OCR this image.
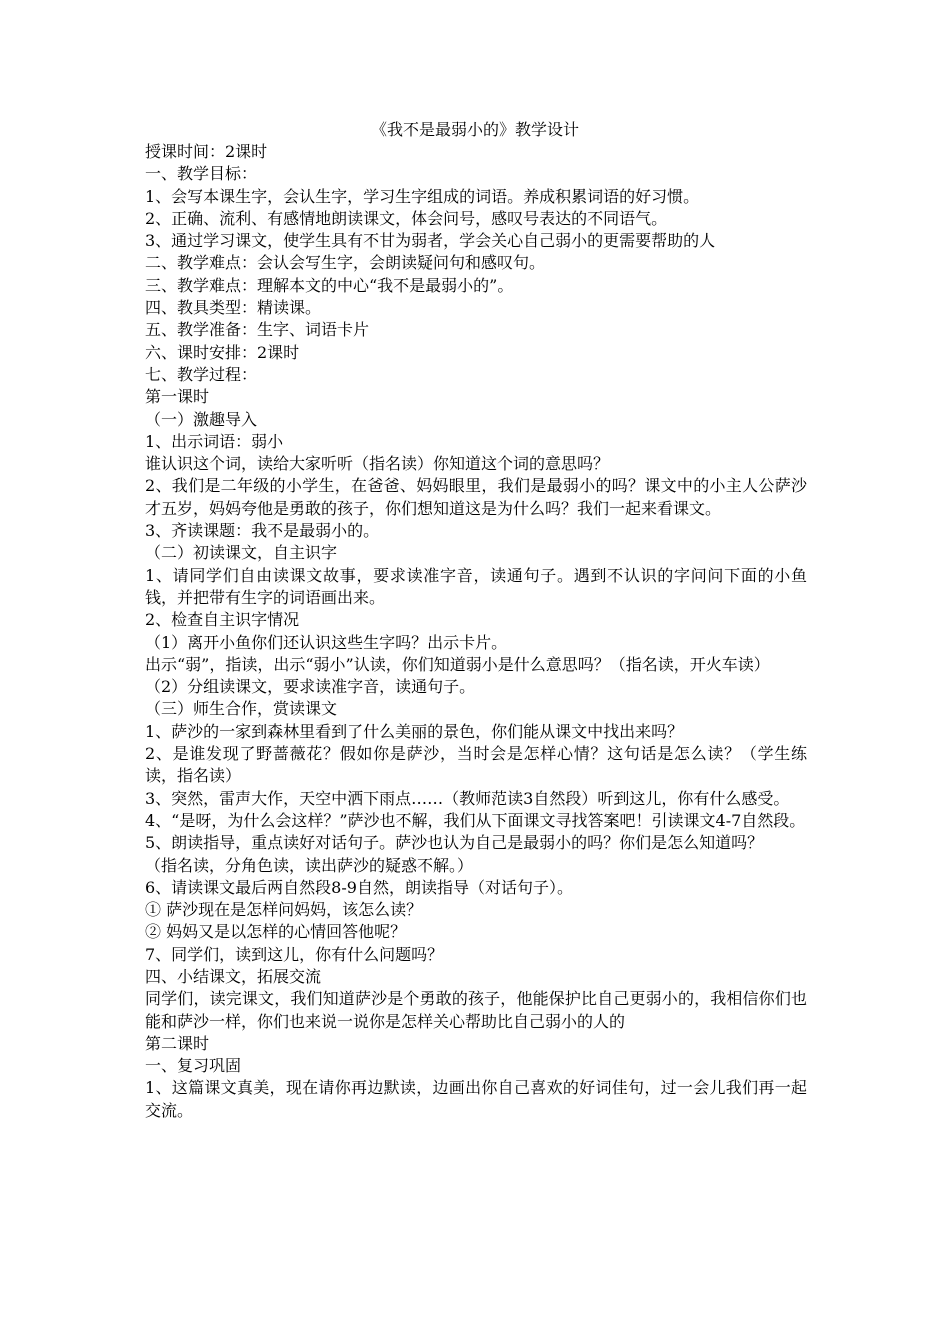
《我不是最弱小的》教学设计

授课时间：2课时

一、教学目标：

1、会写本课生字，会认生字，学习生字组成的词语。养成积累词语的好习惯。

2、正确、流利、有感情地朗读课文，体会问号，感叹号表达的不同语气。

3、通过学习课文，使学生具有不甘为弱者，学会关心自己弱小的更需要帮助的人

二、教学难点：会认会写生字，会朗读疑问句和感叹句。

三、教学难点：理解本文的中心“我不是最弱小的”。

四、教具类型：精读课。

五、教学准备：生字、词语卡片

六、课时安排：2课时

七、教学过程：

第一课时

（一）激趣导入

1、出示词语：弱小

谁认识这个词，读给大家听听（指名读）你知道这个词的意思吗？

2、我们是二年级的小学生，在爸爸、妈妈眼里，我们是最弱小的吗？课文中的小主人公萨沙才五岁，妈妈夸他是勇敢的孩子，你们想知道这是为什么吗？我们一起来看课文。

3、齐读课题：我不是最弱小的。

（二）初读课文，自主识字

1、请同学们自由读课文故事，要求读准字音，读通句子。遇到不认识的字问问下面的小鱼钱，并把带有生字的词语画出来。

2、检查自主识字情况

（1）离开小鱼你们还认识这些生字吗？出示卡片。

出示“弱”，指读，出示“弱小”认读，你们知道弱小是什么意思吗？（指名读，开火车读）

（2）分组读课文，要求读准字音，读通句子。

（三）师生合作，赏读课文

1、萨沙的一家到森林里看到了什么美丽的景色，你们能从课文中找出来吗？

2、是谁发现了野蔷薇花？假如你是萨沙，当时会是怎样心情？这句话是怎么读？（学生练读，指名读）

3、突然，雷声大作，天空中洒下雨点……（教师范读3自然段）听到这儿，你有什么感受。

4、“是呀，为什么会这样？”萨沙也不解，我们从下面课文寻找答案吧！引读课文4-7自然段。

5、朗读指导，重点读好对话句子。萨沙也认为自己是最弱小的吗？你们是怎么知道吗？

（指名读，分角色读，读出萨沙的疑惑不解。）

6、请读课文最后两自然段8-9自然，朗读指导（对话句子）。

① 萨沙现在是怎样问妈妈，该怎么读？

② 妈妈又是以怎样的心情回答他呢？

7、同学们，读到这儿，你有什么问题吗？

四、小结课文，拓展交流

同学们，读完课文，我们知道萨沙是个勇敢的孩子，他能保护比自己更弱小的，我相信你们也能和萨沙一样，你们也来说一说你是怎样关心帮助比自己弱小的人的

第二课时

一、复习巩固

1、这篇课文真美，现在请你再边默读，边画出你自己喜欢的好词佳句，过一会儿我们再一起交流。
